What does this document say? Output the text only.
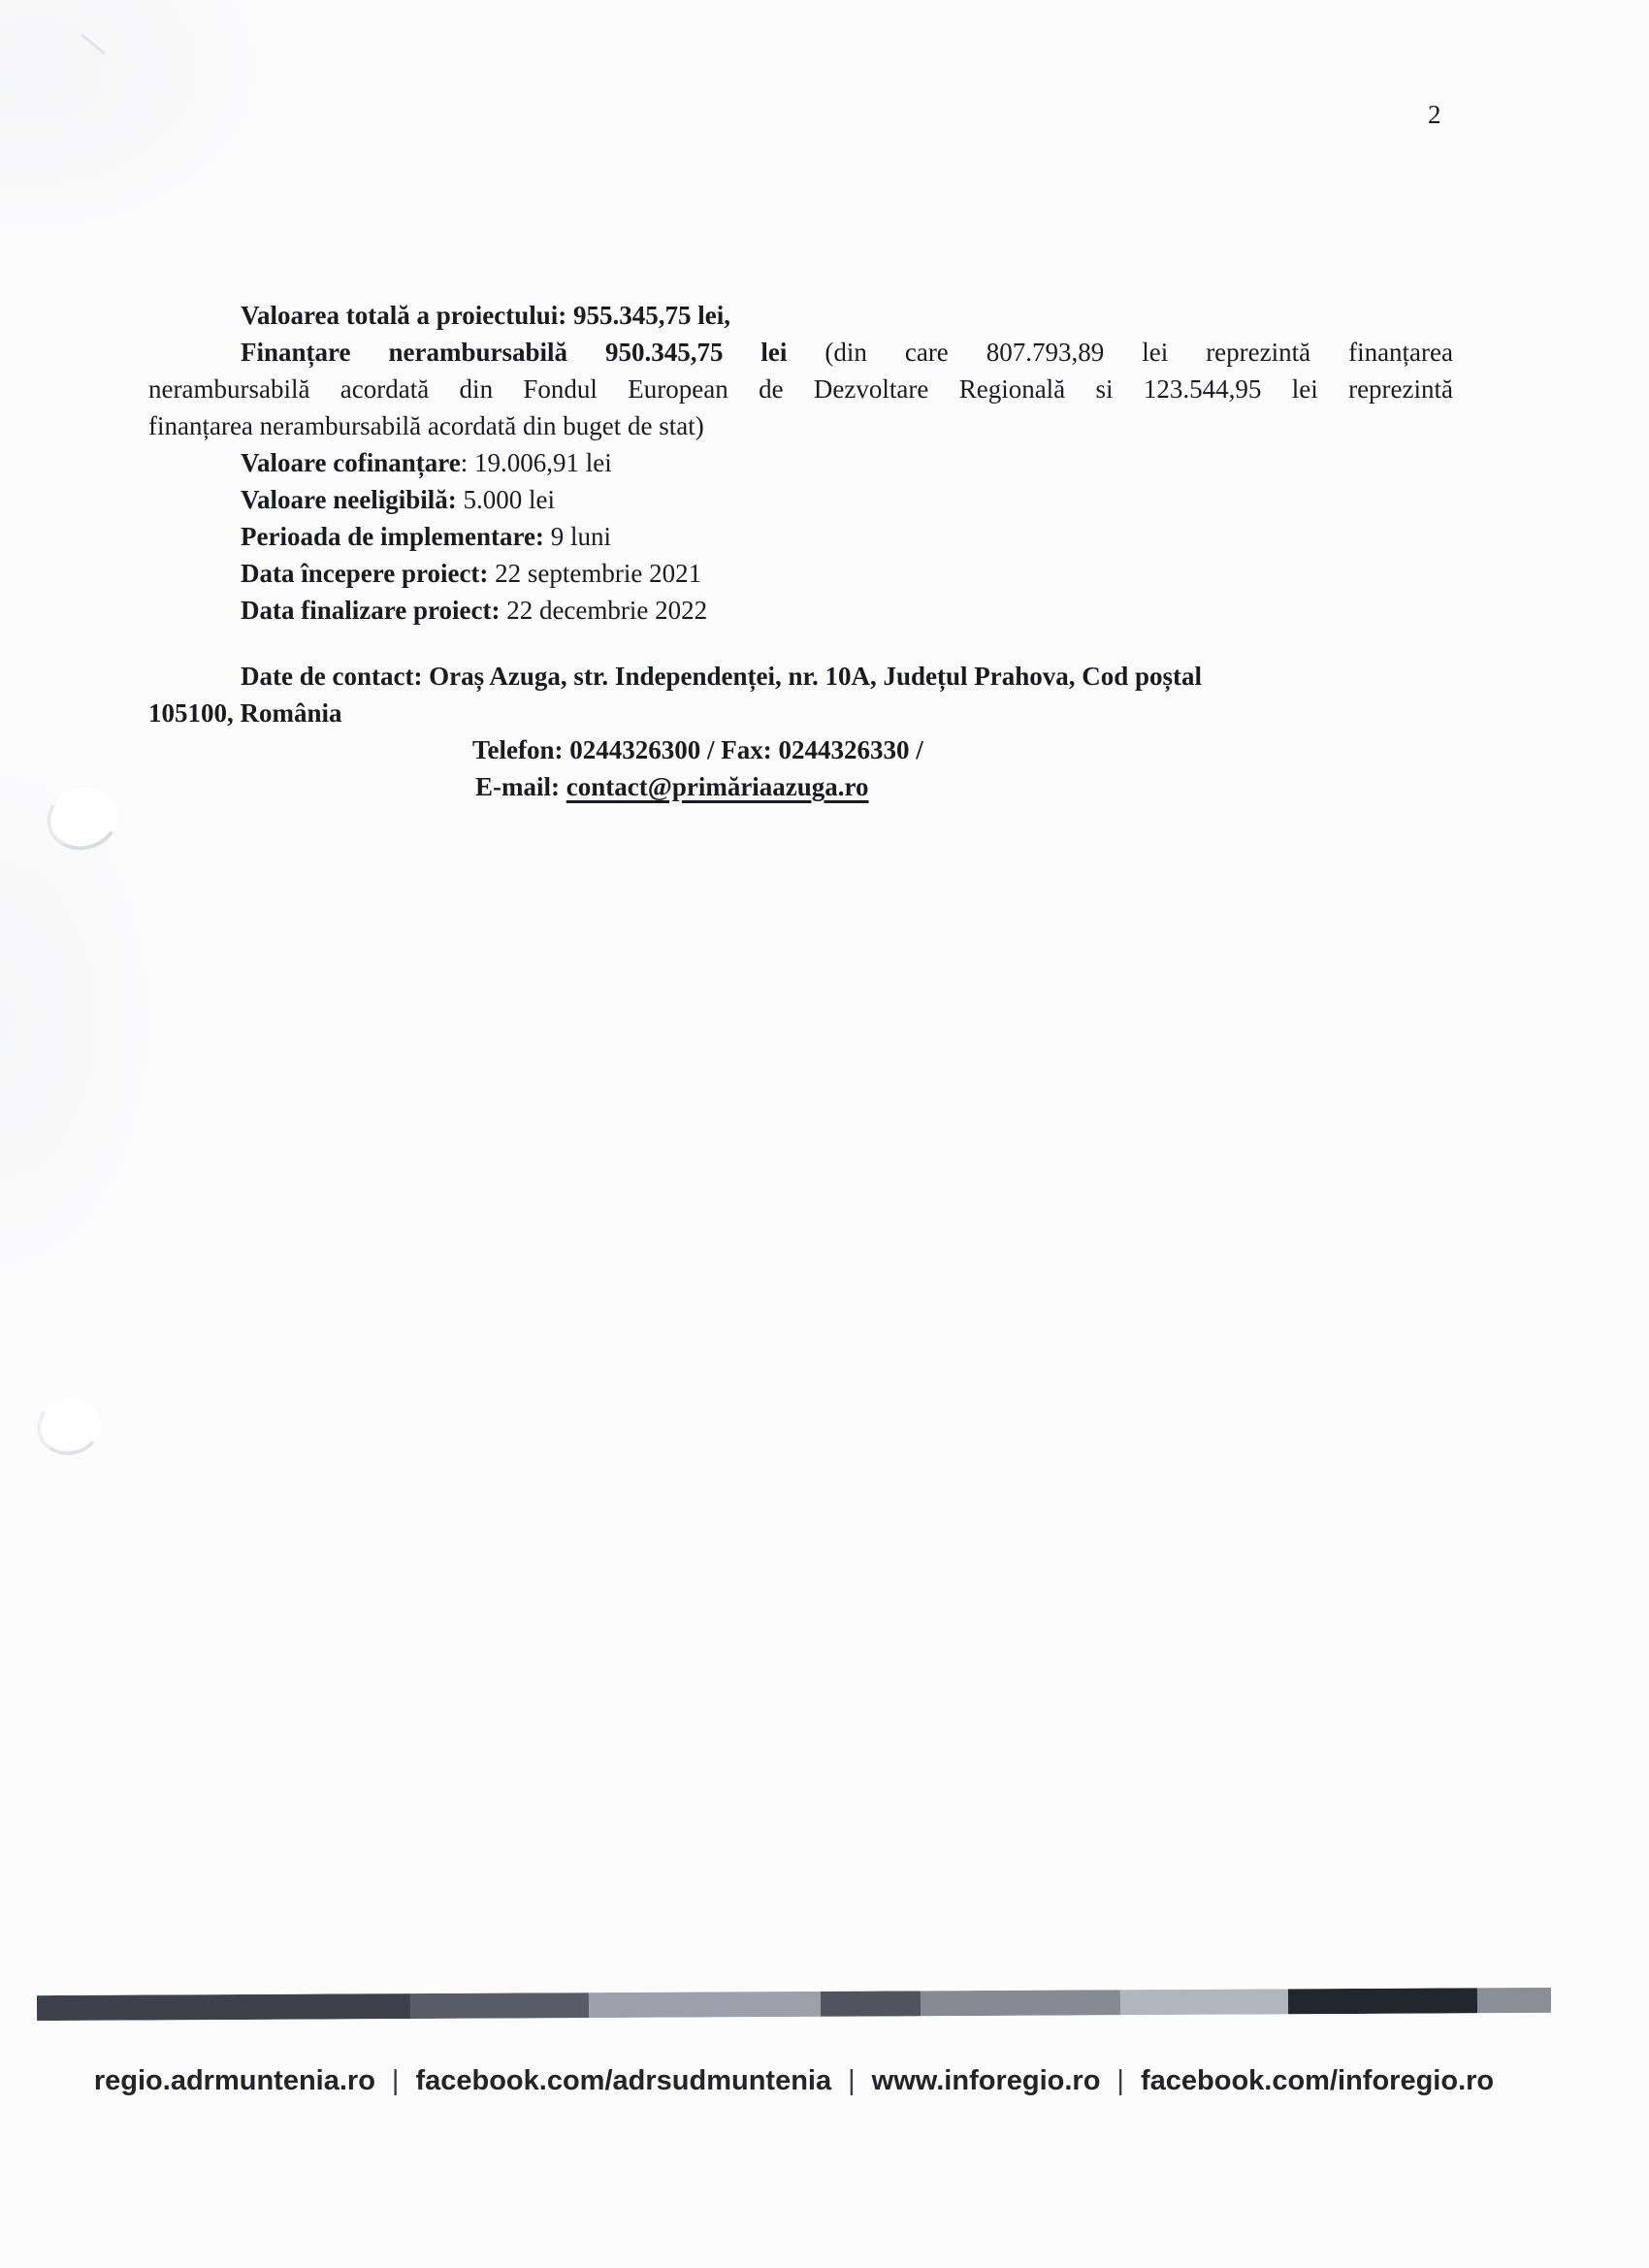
2
Valoarea totală a proiectului: 955.345,75 lei,
Finanțare nerambursabilă 950.345,75 lei (din care 807.793,89 lei reprezintă finanțarea
nerambursabilă acordată din Fondul European de Dezvoltare Regională si 123.544,95 lei reprezintă
finanțarea nerambursabilă acordată din buget de stat)
Valoare cofinanțare: 19.006,91 lei
Valoare neeligibilă: 5.000 lei
Perioada de implementare: 9 luni
Data începere proiect: 22 septembrie 2021
Data finalizare proiect: 22 decembrie 2022
Date de contact: Oraș Azuga, str. Independenței, nr. 10A, Județul Prahova, Cod poștal
105100, România
Telefon: 0244326300 / Fax: 0244326330 /
E-mail: contact@primăriaazuga.ro
regio.adrmuntenia.ro | facebook.com/adrsudmuntenia | www.inforegio.ro | facebook.com/inforegio.ro
